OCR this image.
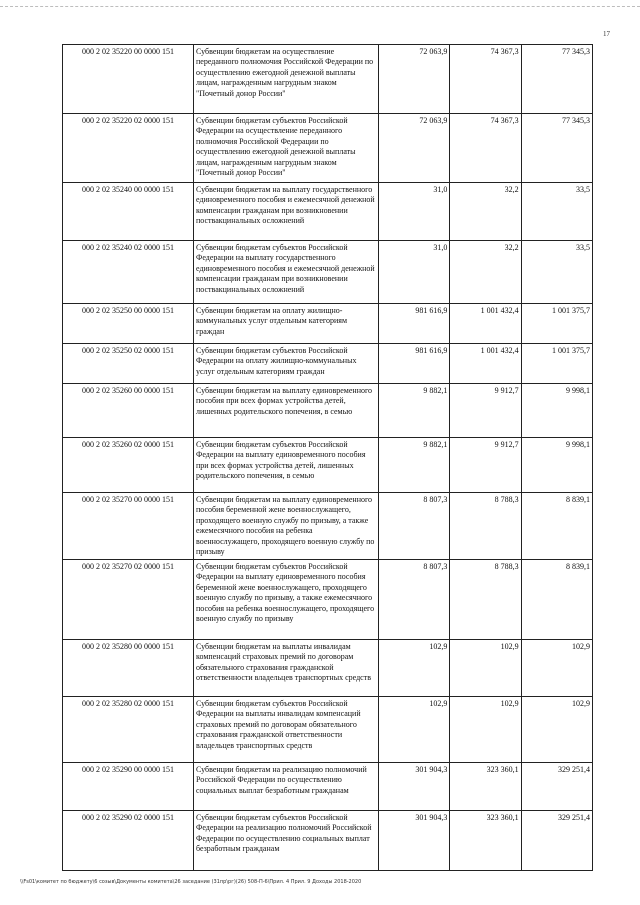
17
000 2 02 35220 00 0000 151	Субвенции бюджетам на осуществление переданного полномочия Российской Федерации по осуществлению ежегодной денежной выплаты лицам, награжденным нагрудным знаком "Почетный донор России"	72 063,9	74 367,3	77 345,3
000 2 02 35220 02 0000 151	Субвенции бюджетам субъектов Российской Федерации на осуществление переданного полномочия Российской Федерации по осуществлению ежегодной денежной выплаты лицам, награжденным нагрудным знаком "Почетный донор России"	72 063,9	74 367,3	77 345,3
000 2 02 35240 00 0000 151	Субвенции бюджетам на выплату государственного единовременного пособия и ежемесячной денежной компенсации гражданам при возникновении поствакцинальных осложнений	31,0	32,2	33,5
000 2 02 35240 02 0000 151	Субвенции бюджетам субъектов Российской Федерации на выплату государственного единовременного пособия и ежемесячной денежной компенсации гражданам при возникновении поствакцинальных осложнений	31,0	32,2	33,5
000 2 02 35250 00 0000 151	Субвенции бюджетам на оплату жилищно-коммунальных услуг отдельным категориям граждан	981 616,9	1 001 432,4	1 001 375,7
000 2 02 35250 02 0000 151	Субвенции бюджетам субъектов Российской Федерации на оплату жилищно-коммунальных услуг отдельным категориям граждан	981 616,9	1 001 432,4	1 001 375,7
000 2 02 35260 00 0000 151	Субвенции бюджетам на выплату единовременного пособия при всех формах устройства детей, лишенных родительского попечения, в семью	9 882,1	9 912,7	9 998,1
000 2 02 35260 02 0000 151	Субвенции бюджетам субъектов Российской Федерации на выплату единовременного пособия при всех формах устройства детей, лишенных родительского попечения, в семью	9 882,1	9 912,7	9 998,1
000 2 02 35270 00 0000 151	Субвенции бюджетам на выплату единовременного пособия беременной жене военнослужащего, проходящего военную службу по призыву, а также ежемесячного пособия на ребенка военнослужащего, проходящего военную службу по призыву	8 807,3	8 788,3	8 839,1
000 2 02 35270 02 0000 151	Субвенции бюджетам субъектов Российской Федерации на выплату единовременного пособия беременной жене военнослужащего, проходящего военную службу по призыву, а также ежемесячного пособия на ребенка военнослужащего, проходящего военную службу по призыву	8 807,3	8 788,3	8 839,1
000 2 02 35280 00 0000 151	Субвенции бюджетам на выплаты инвалидам компенсаций страховых премий по договорам обязательного страхования гражданской ответственности владельцев транспортных средств	102,9	102,9	102,9
000 2 02 35280 02 0000 151	Субвенции бюджетам субъектов Российской Федерации на выплаты инвалидам компенсаций страховых премий по договорам обязательного страхования гражданской ответственности владельцев транспортных средств	102,9	102,9	102,9
000 2 02 35290 00 0000 151	Субвенции бюджетам на реализацию полномочий Российской Федерации по осуществлению социальных выплат безработным гражданам	301 904,3	323 360,1	329 251,4
000 2 02 35290 02 0000 151	Субвенции бюджетам субъектов Российской Федерации на реализацию полномочий Российской Федерации по осуществлению социальных выплат безработным гражданам	301 904,3	323 360,1	329 251,4
\\Fs01\комитет по бюджету\6 созыв\Документы комитета\26 заседание (31пр\рг)(26) 508-П-6\Прил. 4 Прил. 9 Доходы 2018-2020
